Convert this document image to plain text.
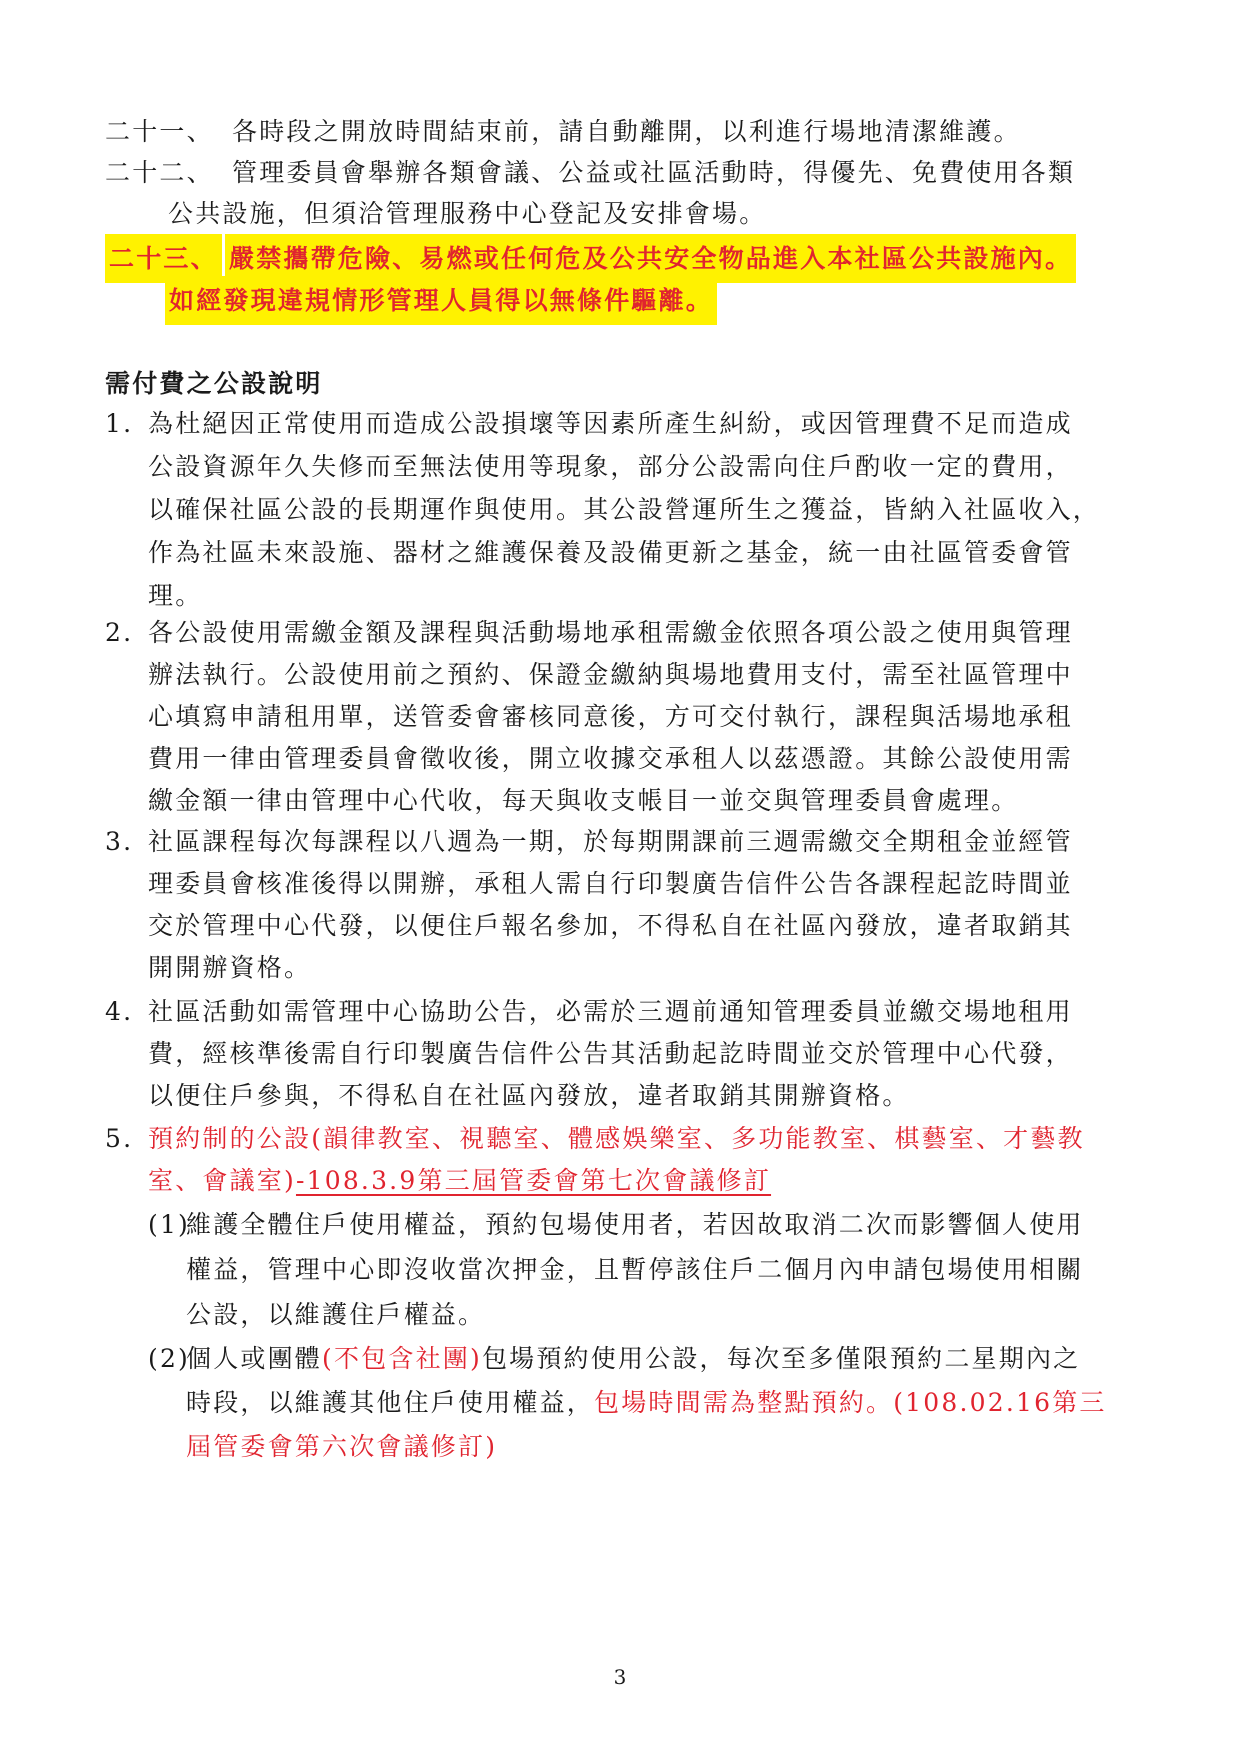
二十一、 各時段之開放時間結束前，請自動離開，以利進行場地清潔維護。
二十二、 管理委員會舉辦各類會議、公益或社區活動時，得優先、免費使用各類
公共設施，但須洽管理服務中心登記及安排會場。
二十三、 嚴禁攜帶危險、易燃或任何危及公共安全物品進入本社區公共設施內。
如經發現違規情形管理人員得以無條件驅離。
需付費之公設說明
1. 為杜絕因正常使用而造成公設損壞等因素所產生糾紛，或因管理費不足而造成
公設資源年久失修而至無法使用等現象，部分公設需向住戶酌收一定的費用，
以確保社區公設的長期運作與使用。其公設營運所生之獲益，皆納入社區收入，
作為社區未來設施、器材之維護保養及設備更新之基金，統一由社區管委會管
理。
2. 各公設使用需繳金額及課程與活動場地承租需繳金依照各項公設之使用與管理
辦法執行。公設使用前之預約、保證金繳納與場地費用支付，需至社區管理中
心填寫申請租用單，送管委會審核同意後，方可交付執行，課程與活場地承租
費用一律由管理委員會徵收後，開立收據交承租人以茲憑證。其餘公設使用需
繳金額一律由管理中心代收，每天與收支帳目一並交與管理委員會處理。
3. 社區課程每次每課程以八週為一期，於每期開課前三週需繳交全期租金並經管
理委員會核准後得以開辦，承租人需自行印製廣告信件公告各課程起訖時間並
交於管理中心代發，以便住戶報名參加，不得私自在社區內發放，違者取銷其
開開辦資格。
4. 社區活動如需管理中心協助公告，必需於三週前通知管理委員並繳交場地租用
費，經核準後需自行印製廣告信件公告其活動起訖時間並交於管理中心代發，
以便住戶參與，不得私自在社區內發放，違者取銷其開辦資格。
5. 預約制的公設(韻律教室、視聽室、體感娛樂室、多功能教室、棋藝室、才藝教
室、會議室)-108.3.9第三屆管委會第七次會議修訂
(1)
維護全體住戶使用權益，預約包場使用者，若因故取消二次而影響個人使用
權益，管理中心即沒收當次押金，且暫停該住戶二個月內申請包場使用相關
公設，以維護住戶權益。
(2)
個人或團體(不包含社團)包場預約使用公設，每次至多僅限預約二星期內之
時段，以維護其他住戶使用權益，包場時間需為整點預約。(108.02.16第三
屆管委會第六次會議修訂)
3
